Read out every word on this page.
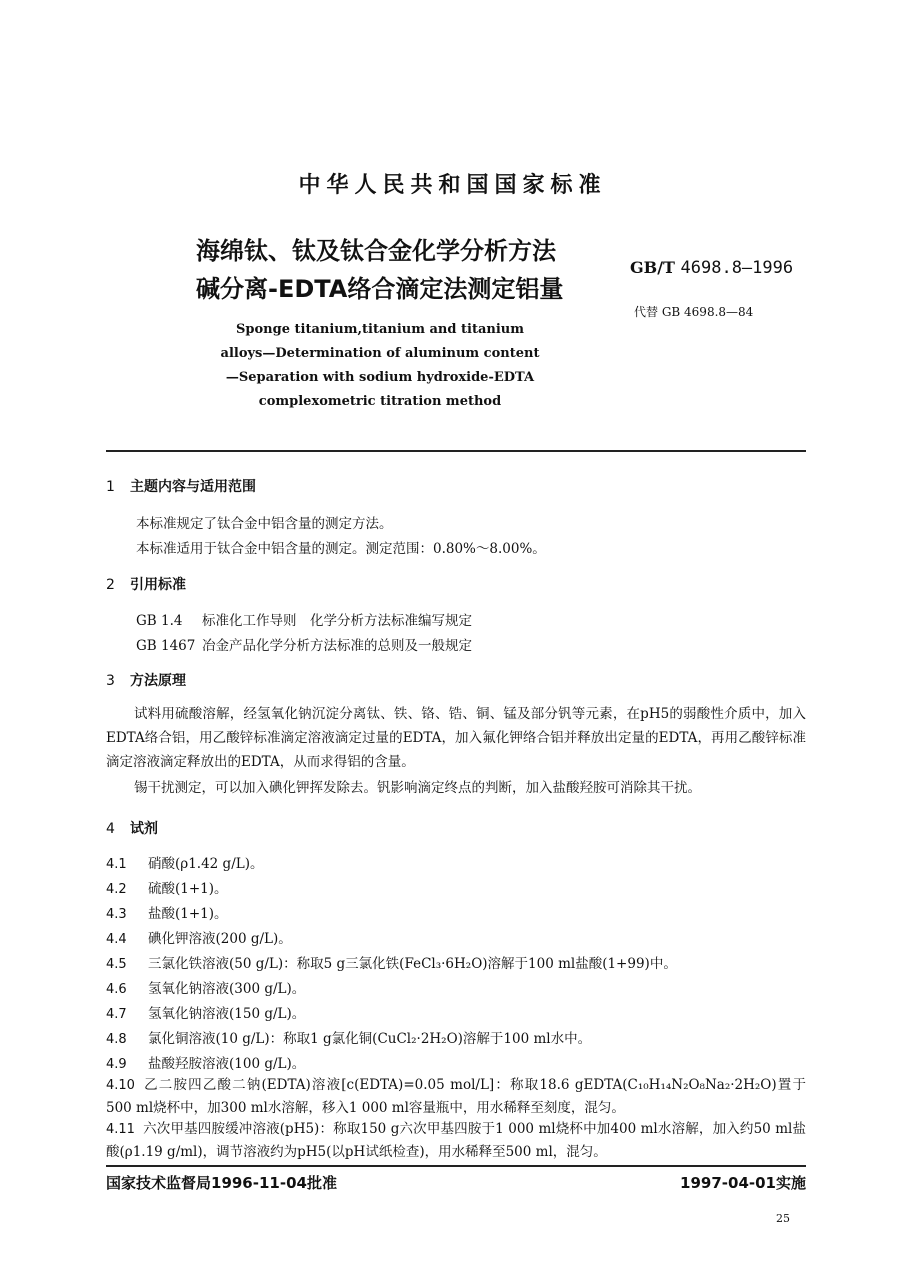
中华人民共和国国家标准
海绵钛、钛及钛合金化学分析方法
碱分离-EDTA络合滴定法测定铝量
GB/T 4698.8—1996
代替 GB 4698.8—84
Sponge titanium,titanium and titanium
alloys—Determination of aluminum content
—Separation with sodium hydroxide-EDTA
complexometric titration method
1 主题内容与适用范围
本标准规定了钛合金中铝含量的测定方法。
本标准适用于钛合金中铝含量的测定。测定范围：0.80%～8.00%。
2 引用标准
GB 1.4 标准化工作导则　化学分析方法标准编写规定
GB 1467 冶金产品化学分析方法标准的总则及一般规定
3 方法原理
试料用硫酸溶解，经氢氧化钠沉淀分离钛、铁、铬、锆、铜、锰及部分钒等元素，在pH5的弱酸性介质中，加入EDTA络合铝，用乙酸锌标准滴定溶液滴定过量的EDTA，加入氟化钾络合铝并释放出定量的EDTA，再用乙酸锌标准滴定溶液滴定释放出的EDTA，从而求得铝的含量。
锡干扰测定，可以加入碘化钾挥发除去。钒影响滴定终点的判断，加入盐酸羟胺可消除其干扰。
4 试剂
4.1 硝酸(ρ1.42 g/L)。
4.2 硫酸(1+1)。
4.3 盐酸(1+1)。
4.4 碘化钾溶液(200 g/L)。
4.5 三氯化铁溶液(50 g/L)：称取5 g三氯化铁(FeCl₃·6H₂O)溶解于100 ml盐酸(1+99)中。
4.6 氢氧化钠溶液(300 g/L)。
4.7 氢氧化钠溶液(150 g/L)。
4.8 氯化铜溶液(10 g/L)：称取1 g氯化铜(CuCl₂·2H₂O)溶解于100 ml水中。
4.9 盐酸羟胺溶液(100 g/L)。
4.10 乙二胺四乙酸二钠(EDTA)溶液[c(EDTA)=0.05 mol/L]：称取18.6 gEDTA(C₁₀H₁₄N₂O₈Na₂·2H₂O)置于500 ml烧杯中，加300 ml水溶解，移入1 000 ml容量瓶中，用水稀释至刻度，混匀。
4.11 六次甲基四胺缓冲溶液(pH5)：称取150 g六次甲基四胺于1 000 ml烧杯中加400 ml水溶解，加入约50 ml盐酸(ρ1.19 g/ml)，调节溶液约为pH5(以pH试纸检查)，用水稀释至500 ml，混匀。
国家技术监督局1996-11-04批准	1997-04-01实施
25
